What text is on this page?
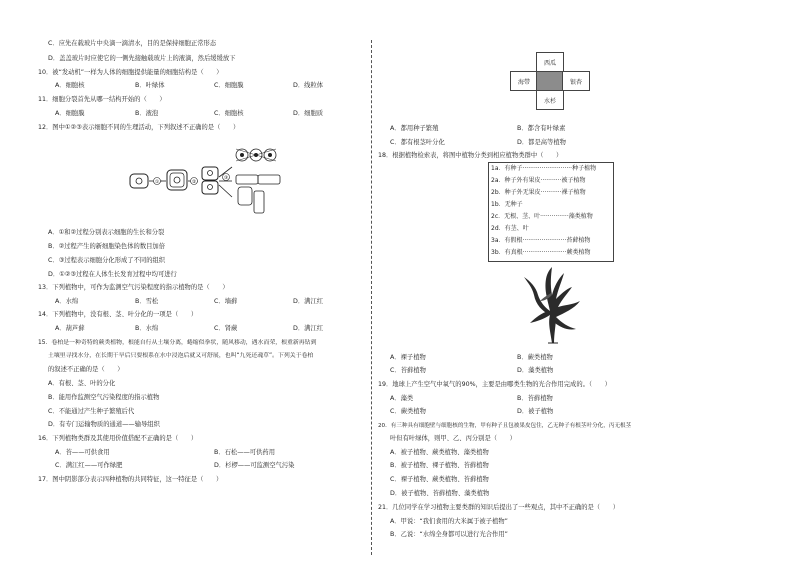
C．应先在载玻片中央滴一滴清水，目的是保持细胞正常形态
D．盖盖玻片时应使它的一侧先接触载玻片上的液滴，然后缓缓放下
10．被“发动机”一样为人体的细胞提供能量的细胞结构是（　　）
A．细胞核	B．叶绿体	C．细胞膜	D．线粒体
11．细胞分裂首先从哪一结构开始的（　　）
A．细胞膜	B．液泡	C．细胞核	D．细胞质
12．图中①②③表示细胞不同的生理活动，下列叙述不正确的是（　　）
①	②
③
A．①和②过程分别表示细胞的生长和分裂
B．②过程产生的新细胞染色体的数目加倍
C．③过程表示细胞分化形成了不同的组织
D．①②③过程在人体生长发育过程中均可进行
13．下列植物中，可作为监测空气污染程度的指示植物的是（　　）
A．水绵	B．雪松	C．墙藓	D．满江红
14．下列植物中，没有根、茎、叶分化的一项是（　　）
A．葫芦藓	B．水绵	C．肾蕨	D．满江红
15．卷柏是一种奇特的蕨类植物，根能自行从土壤分离，蜷缩似拳状，随风移动，遇水而荣，根重新再钻到
土壤里寻找水分，在长期干旱后只要根系在水中浸泡后就又可舒展，也叫“九死还魂草”。下列关于卷柏
的叙述不正确的是（　　）
A．有根、茎、叶的分化
B．能用作监测空气污染程度的指示植物
C．不能通过产生种子繁殖后代
D．有专门运输物质的通道——输导组织
16．下列植物类群及其使用价值搭配不正确的是（　　）
A．苔——可供食用	B．石松——可供药用
C．满江红——可作绿肥	D．杉椤——可监测空气污染
17．图中阴影部分表示四种植物的共同特征，这一特征是（　　）
西瓜
海带	银杏
水杉
A．都用种子繁殖	B．都含有叶绿素
C．都有根茎叶分化	D．都是高等植物
18．根据植物检索表，将图中植物分类到相应植物类群中（　　）
1a．有种子··························种子植物
2a．种子外有果皮···········被子植物
2b．种子外无果皮···········裸子植物
1b．无种子
2c．无根、茎、叶···············藻类植物
2d．有茎、叶
3a．有假根·······················苔藓植物
3b．有真根·······················蕨类植物
A．裸子植物	B．蕨类植物
C．苔藓植物	D．藻类植物
19．地球上产生空气中氧气的90%，主要是由哪类生物的光合作用完成的。（　　）
A．藻类	B．苔藓植物
C．蕨类植物	D．被子植物
20．有三种具有细胞壁与细胞核的生物，甲有种子且包被果皮包住，乙无种子有根茎叶分化，丙无根茎
叶但有叶绿体，则甲、乙、丙分别是（　　）
A．被子植物、蕨类植物、藻类植物
B．被子植物、裸子植物、苔藓植物
C．裸子植物、蕨类植物、苔藓植物
D．被子植物、苔藓植物、藻类植物
21．几位同学在学习植物主要类群的知识后提出了一些观点，其中不正确的是（　　）
A．甲说：“我们食用的大米属于被子植物”
B．乙说：“水绵全身都可以进行光合作用”
